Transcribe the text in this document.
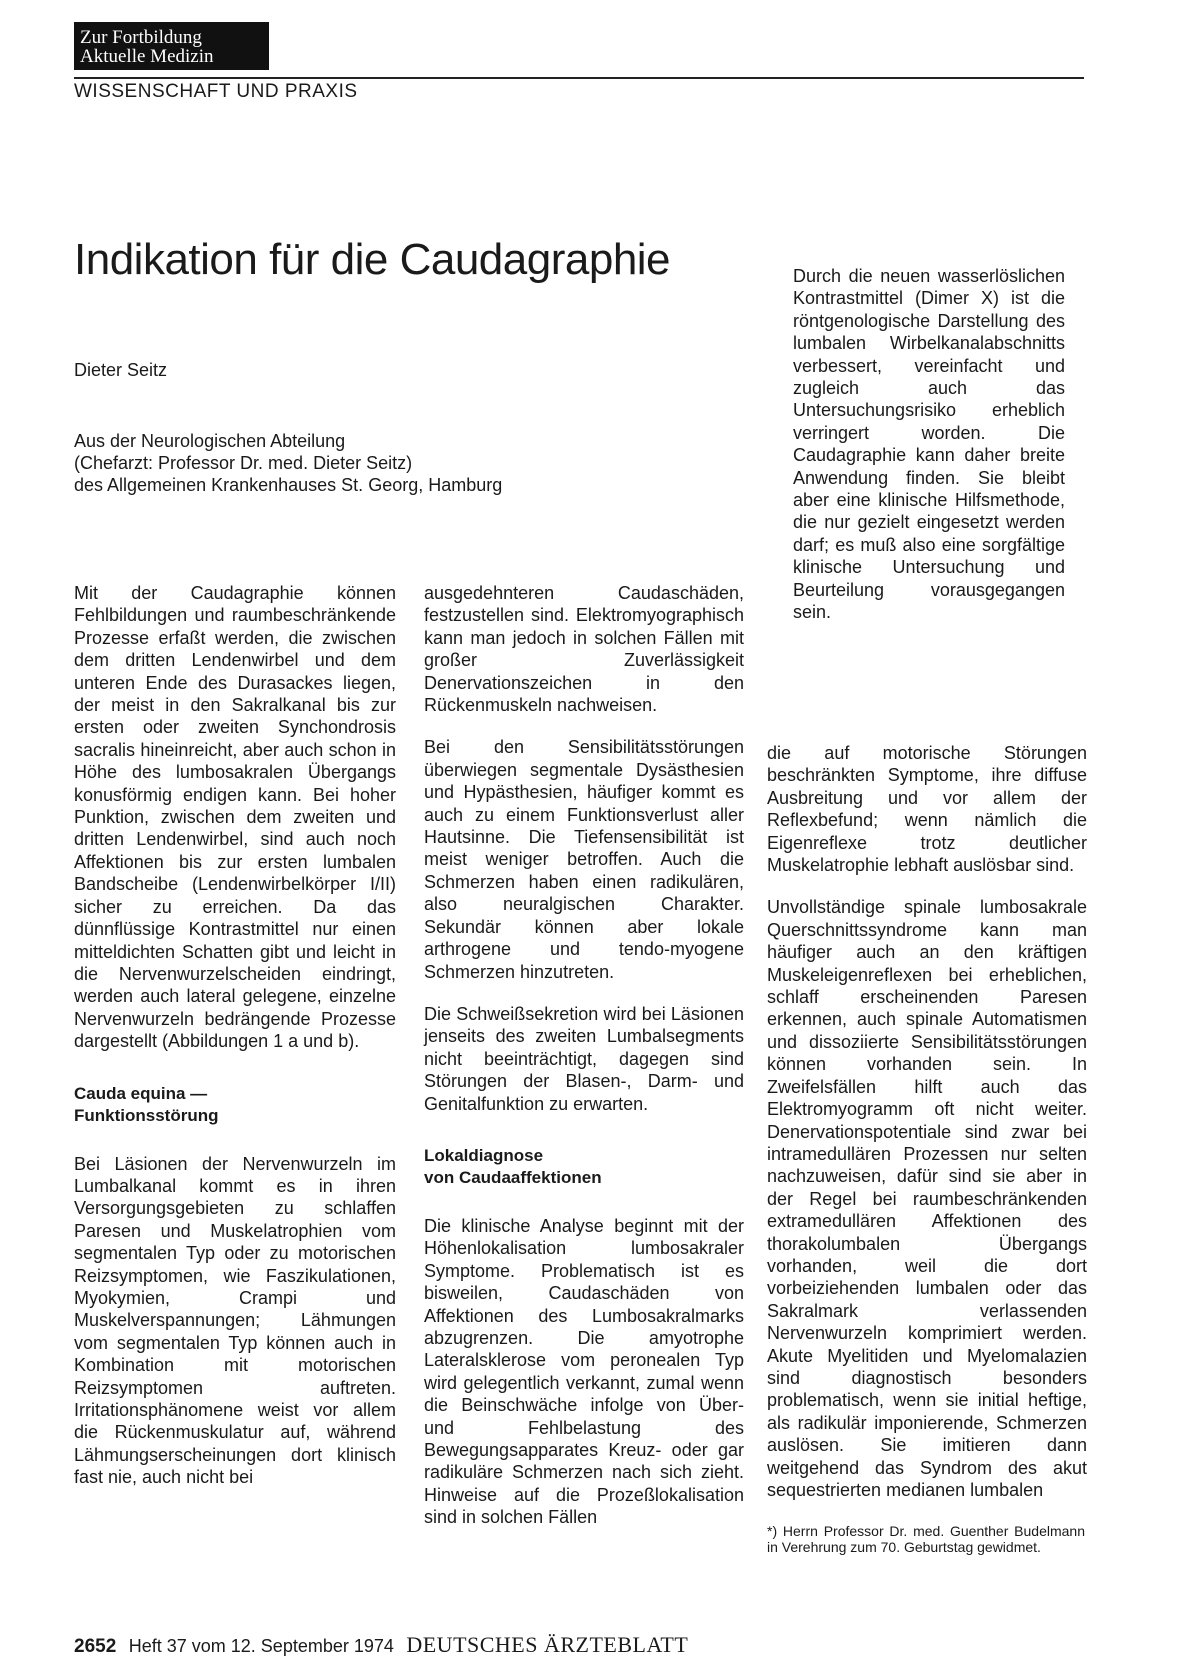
Zur Fortbildung
Aktuelle Medizin
WISSENSCHAFT UND PRAXIS
Indikation für die Caudagraphie
Dieter Seitz
Aus der Neurologischen Abteilung
(Chefarzt: Professor Dr. med. Dieter Seitz)
des Allgemeinen Krankenhauses St. Georg, Hamburg

Durch die neuen wasserlöslichen Kontrastmittel (Dimer X) ist die röntgenologische Darstellung des lumbalen Wirbelkanalabschnitts verbessert, vereinfacht und zugleich auch das Untersuchungsrisiko erheblich verringert worden. Die Caudagraphie kann daher breite Anwendung finden. Sie bleibt aber eine klinische Hilfsmethode, die nur gezielt eingesetzt werden darf; es muß also eine sorgfältige klinische Untersuchung und Beurteilung vorausgegangen sein.

Mit der Caudagraphie können Fehlbildungen und raumbeschränkende Prozesse erfaßt werden, die zwischen dem dritten Lendenwirbel und dem unteren Ende des Durasackes liegen, der meist in den Sakralkanal bis zur ersten oder zweiten Synchondrosis sacralis hineinreicht, aber auch schon in Höhe des lumbosakralen Übergangs konusförmig endigen kann. Bei hoher Punktion, zwischen dem zweiten und dritten Lendenwirbel, sind auch noch Affektionen bis zur ersten lumbalen Bandscheibe (Lendenwirbelkörper I/II) sicher zu erreichen. Da das dünnflüssige Kontrastmittel nur einen mitteldichten Schatten gibt und leicht in die Nervenwurzelscheiden eindringt, werden auch lateral gelegene, einzelne Nervenwurzeln bedrängende Prozesse dargestellt (Abbildungen 1 a und b).

Cauda equina —
Funktionsstörung

Bei Läsionen der Nervenwurzeln im Lumbalkanal kommt es in ihren Versorgungsgebieten zu schlaffen Paresen und Muskelatrophien vom segmentalen Typ oder zu motorischen Reizsymptomen, wie Faszikulationen, Myokymien, Crampi und Muskelverspannungen; Lähmungen vom segmentalen Typ können auch in Kombination mit motorischen Reizsymptomen auftreten. Irritationsphänomene weist vor allem die Rückenmuskulatur auf, während Lähmungserscheinungen dort klinisch fast nie, auch nicht bei

ausgedehnteren Caudaschäden, festzustellen sind. Elektromyographisch kann man jedoch in solchen Fällen mit großer Zuverlässigkeit Denervationszeichen in den Rückenmuskeln nachweisen.

Bei den Sensibilitätsstörungen überwiegen segmentale Dysästhesien und Hypästhesien, häufiger kommt es auch zu einem Funktionsverlust aller Hautsinne. Die Tiefensensibilität ist meist weniger betroffen. Auch die Schmerzen haben einen radikulären, also neuralgischen Charakter. Sekundär können aber lokale arthrogene und tendo-myogene Schmerzen hinzutreten.

Die Schweißsekretion wird bei Läsionen jenseits des zweiten Lumbalsegments nicht beeinträchtigt, dagegen sind Störungen der Blasen-, Darm- und Genitalfunktion zu erwarten.

Lokaldiagnose
von Caudaaffektionen

Die klinische Analyse beginnt mit der Höhenlokalisation lumbosakraler Symptome. Problematisch ist es bisweilen, Caudaschäden von Affektionen des Lumbosakralmarks abzugrenzen. Die amyotrophe Lateralsklerose vom peronealen Typ wird gelegentlich verkannt, zumal wenn die Beinschwäche infolge von Über- und Fehlbelastung des Bewegungsapparates Kreuz- oder gar radikuläre Schmerzen nach sich zieht. Hinweise auf die Prozeßlokalisation sind in solchen Fällen

die auf motorische Störungen beschränkten Symptome, ihre diffuse Ausbreitung und vor allem der Reflexbefund; wenn nämlich die Eigenreflexe trotz deutlicher Muskelatrophie lebhaft auslösbar sind.

Unvollständige spinale lumbosakrale Querschnittssyndrome kann man häufiger auch an den kräftigen Muskeleigenreflexen bei erheblichen, schlaff erscheinenden Paresen erkennen, auch spinale Automatismen und dissoziierte Sensibilitätsstörungen können vorhanden sein. In Zweifelsfällen hilft auch das Elektromyogramm oft nicht weiter. Denervationspotentiale sind zwar bei intramedullären Prozessen nur selten nachzuweisen, dafür sind sie aber in der Regel bei raumbeschränkenden extramedullären Affektionen des thorakolumbalen Übergangs vorhanden, weil die dort vorbeiziehenden lumbalen oder das Sakralmark verlassenden Nervenwurzeln komprimiert werden. Akute Myelitiden und Myelomalazien sind diagnostisch besonders problematisch, wenn sie initial heftige, als radikulär imponierende, Schmerzen auslösen. Sie imitieren dann weitgehend das Syndrom des akut sequestrierten medianen lumbalen

*) Herrn Professor Dr. med. Guenther Budelmann in Verehrung zum 70. Geburtstag gewidmet.
2652 Heft 37 vom 12. September 1974 DEUTSCHES ÄRZTEBLATT
